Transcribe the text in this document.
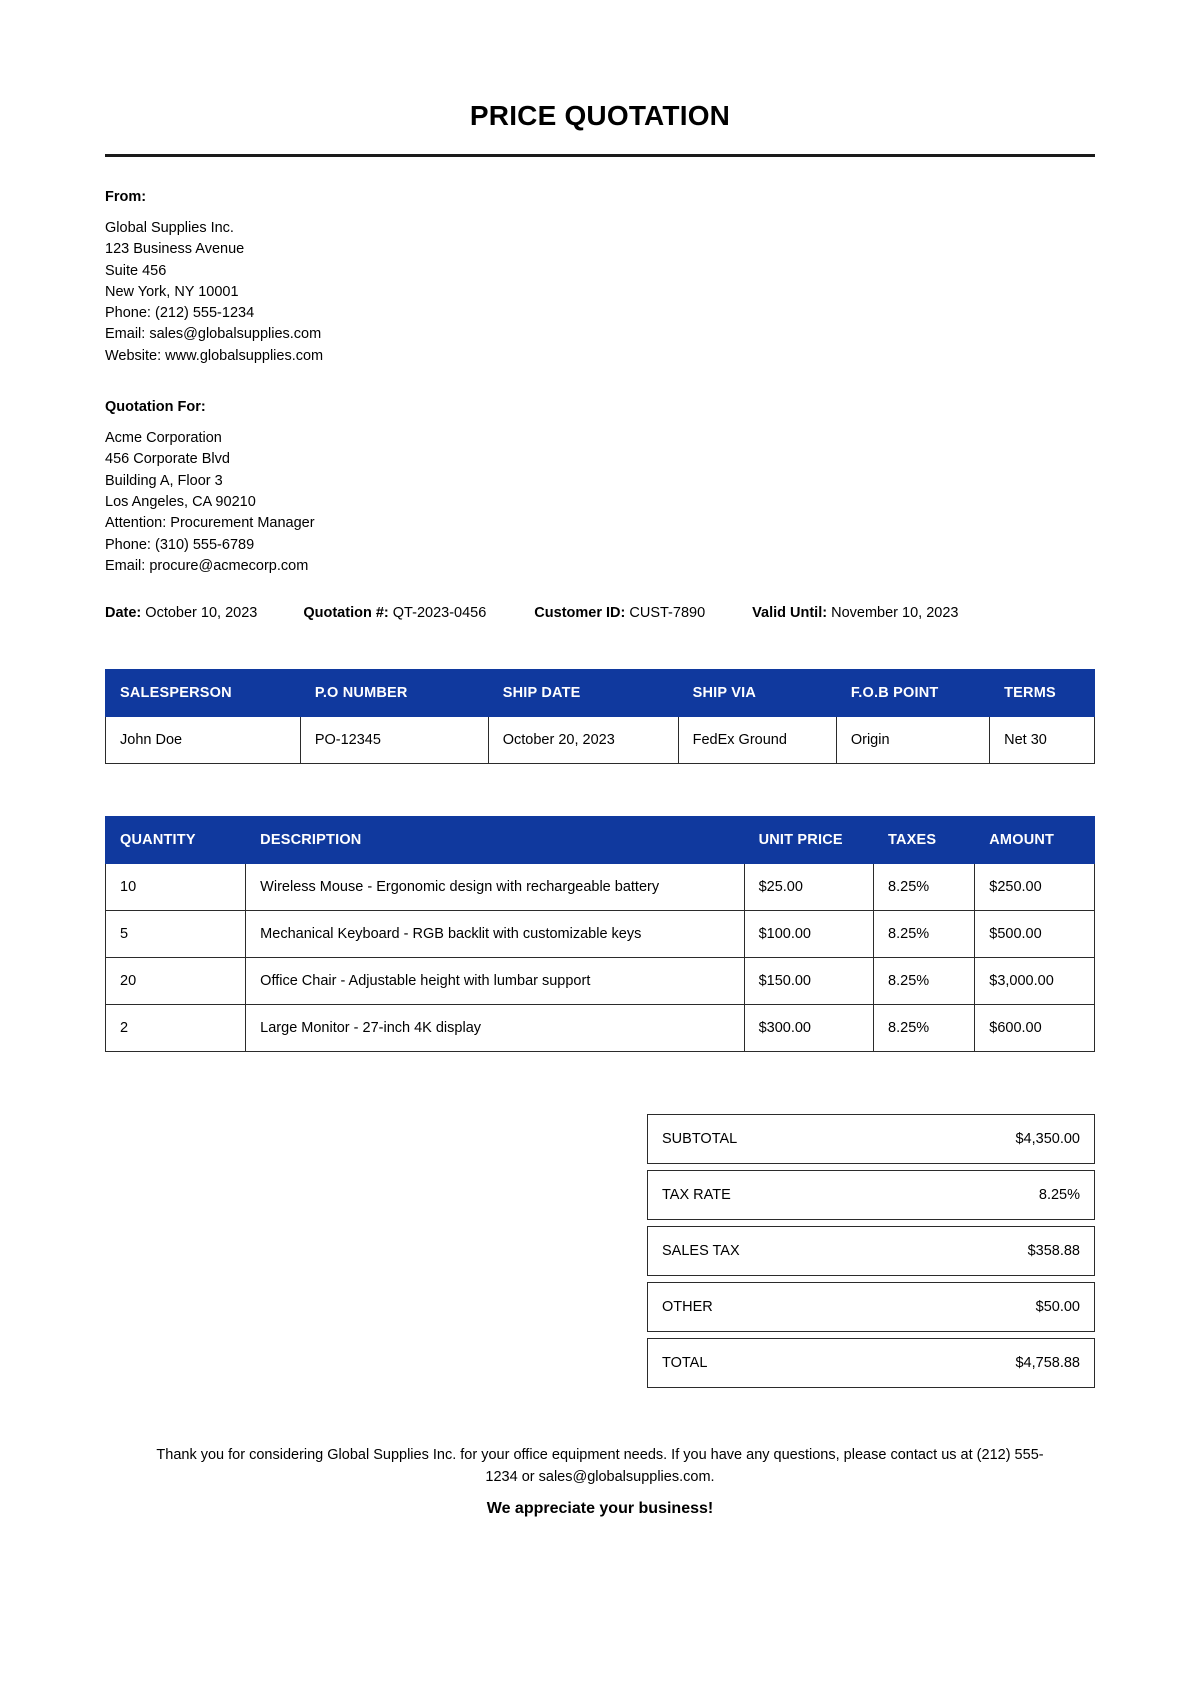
PRICE QUOTATION
From:
Global Supplies Inc.
123 Business Avenue
Suite 456
New York, NY 10001
Phone: (212) 555-1234
Email: sales@globalsupplies.com
Website: www.globalsupplies.com
Quotation For:
Acme Corporation
456 Corporate Blvd
Building A, Floor 3
Los Angeles, CA 90210
Attention: Procurement Manager
Phone: (310) 555-6789
Email: procure@acmecorp.com
Date: October 10, 2023	Quotation #: QT-2023-0456	Customer ID: CUST-7890	Valid Until: November 10, 2023
SALESPERSON	P.O NUMBER	SHIP DATE	SHIP VIA	F.O.B POINT	TERMS
John Doe	PO-12345	October 20, 2023	FedEx Ground	Origin	Net 30
QUANTITY	DESCRIPTION	UNIT PRICE	TAXES	AMOUNT
10	Wireless Mouse - Ergonomic design with rechargeable battery	$25.00	8.25%	$250.00
5	Mechanical Keyboard - RGB backlit with customizable keys	$100.00	8.25%	$500.00
20	Office Chair - Adjustable height with lumbar support	$150.00	8.25%	$3,000.00
2	Large Monitor - 27-inch 4K display	$300.00	8.25%	$600.00
SUBTOTAL	$4,350.00
TAX RATE	8.25%
SALES TAX	$358.88
OTHER	$50.00
TOTAL	$4,758.88
Thank you for considering Global Supplies Inc. for your office equipment needs. If you have any questions, please contact us at (212) 555-1234 or sales@globalsupplies.com.
We appreciate your business!
